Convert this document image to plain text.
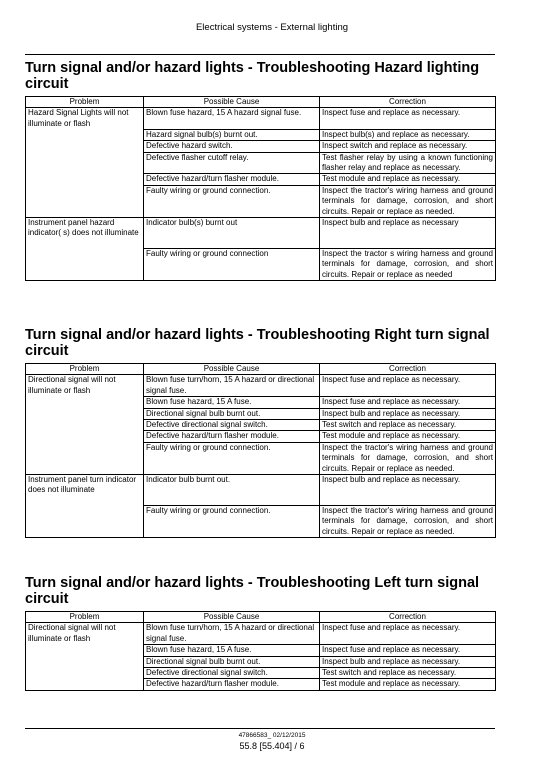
Electrical systems - External lighting
Turn signal and/or hazard lights - Troubleshooting Hazard lighting circuit
Problem	Possible Cause	Correction
Hazard Signal Lights will not illuminate or flash	Blown fuse hazard, 15 A hazard signal fuse.	Inspect fuse and replace as necessary.
	Hazard signal bulb(s) burnt out.	Inspect bulb(s) and replace as necessary.
	Defective hazard switch.	Inspect switch and replace as necessary.
	Defective flasher cutoff relay.	Test flasher relay by using a known functioning flasher relay and replace as necessary.
	Defective hazard/turn flasher module.	Test module and replace as necessary.
	Faulty wiring or ground connection.	Inspect the tractor's wiring harness and ground terminals for damage, corrosion, and short circuits. Repair or replace as needed.
Instrument panel hazard indicator( s) does not illuminate	Indicator bulb(s) burnt out	Inspect bulb and replace as necessary
	Faulty wiring or ground connection	Inspect the tractor s wiring harness and ground terminals for damage, corrosion, and short circuits. Repair or replace as needed
Turn signal and/or hazard lights - Troubleshooting Right turn signal circuit
Problem	Possible Cause	Correction
Directional signal will not illuminate or flash	Blown fuse turn/horn, 15 A hazard or directional signal fuse.	Inspect fuse and replace as necessary.
	Blown fuse hazard, 15 A fuse.	Inspect fuse and replace as necessary.
	Directional signal bulb burnt out.	Inspect bulb and replace as necessary.
	Defective directional signal switch.	Test switch and replace as necessary.
	Defective hazard/turn flasher module.	Test module and replace as necessary.
	Faulty wiring or ground connection.	Inspect the tractor's wiring harness and ground terminals for damage, corrosion, and short circuits. Repair or replace as needed.
Instrument panel turn indicator does not illuminate	Indicator bulb burnt out.	Inspect bulb and replace as necessary.
	Faulty wiring or ground connection.	Inspect the tractor's wiring harness and ground terminals for damage, corrosion, and short circuits. Repair or replace as needed.
Turn signal and/or hazard lights - Troubleshooting Left turn signal circuit
Problem	Possible Cause	Correction
Directional signal will not illuminate or flash	Blown fuse turn/horn, 15 A hazard or directional signal fuse.	Inspect fuse and replace as necessary.
	Blown fuse hazard, 15 A fuse.	Inspect fuse and replace as necessary.
	Directional signal bulb burnt out.	Inspect bulb and replace as necessary.
	Defective directional signal switch.	Test switch and replace as necessary.
	Defective hazard/turn flasher module.	Test module and replace as necessary.
47866583_ 02/12/2015
55.8 [55.404] / 6
